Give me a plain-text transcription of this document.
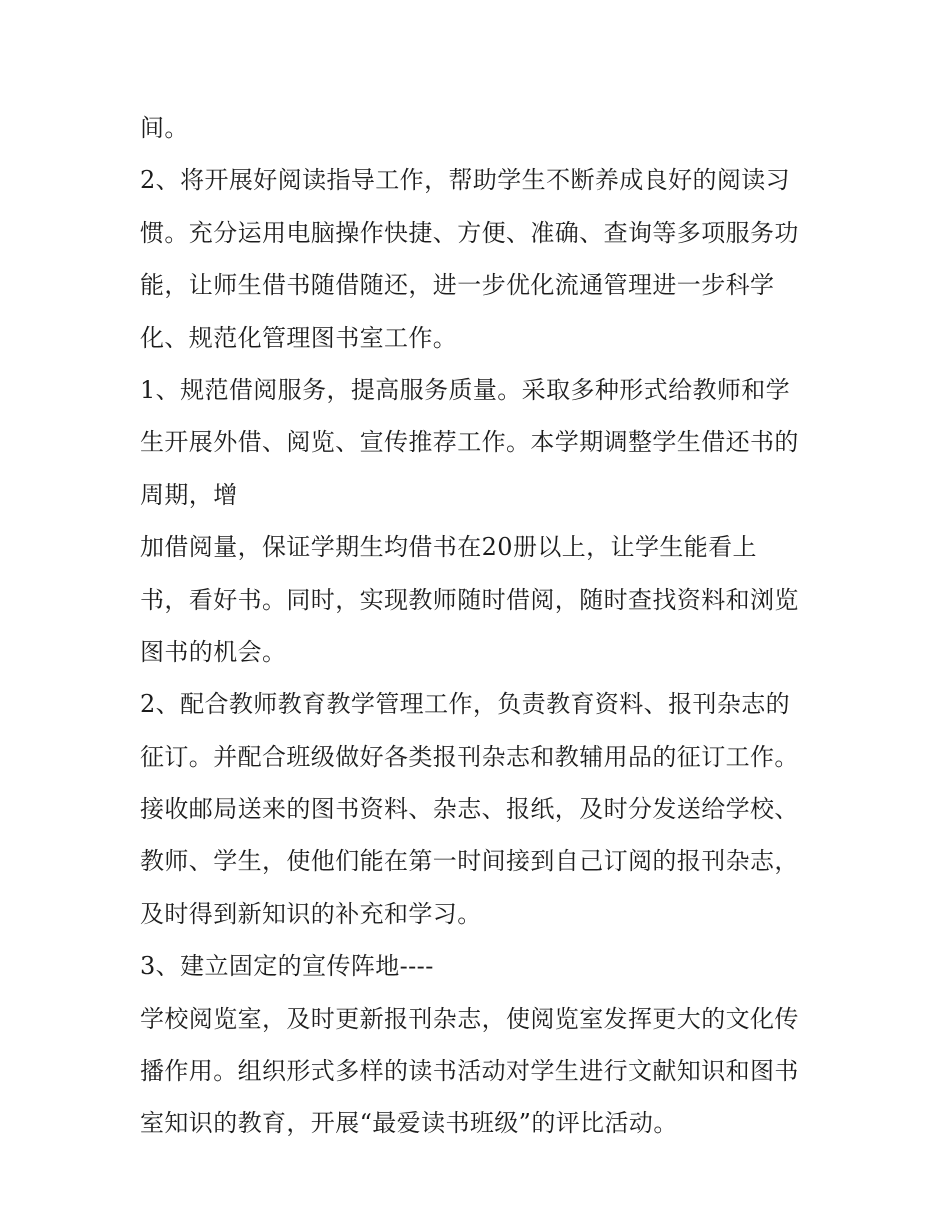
间。
2、将开展好阅读指导工作，帮助学生不断养成良好的阅读习
惯。充分运用电脑操作快捷、方便、准确、查询等多项服务功
能，让师生借书随借随还，进一步优化流通管理进一步科学
化、规范化管理图书室工作。
1、规范借阅服务，提高服务质量。采取多种形式给教师和学
生开展外借、阅览、宣传推荐工作。本学期调整学生借还书的
周期，增
加借阅量，保证学期生均借书在20册以上，让学生能看上
书，看好书。同时，实现教师随时借阅，随时查找资料和浏览
图书的机会。
2、配合教师教育教学管理工作，负责教育资料、报刊杂志的
征订。并配合班级做好各类报刊杂志和教辅用品的征订工作。
接收邮局送来的图书资料、杂志、报纸，及时分发送给学校、
教师、学生，使他们能在第一时间接到自己订阅的报刊杂志，
及时得到新知识的补充和学习。
3、建立固定的宣传阵地----
学校阅览室，及时更新报刊杂志，使阅览室发挥更大的文化传
播作用。组织形式多样的读书活动对学生进行文献知识和图书
室知识的教育，开展“最爱读书班级”的评比活动。
